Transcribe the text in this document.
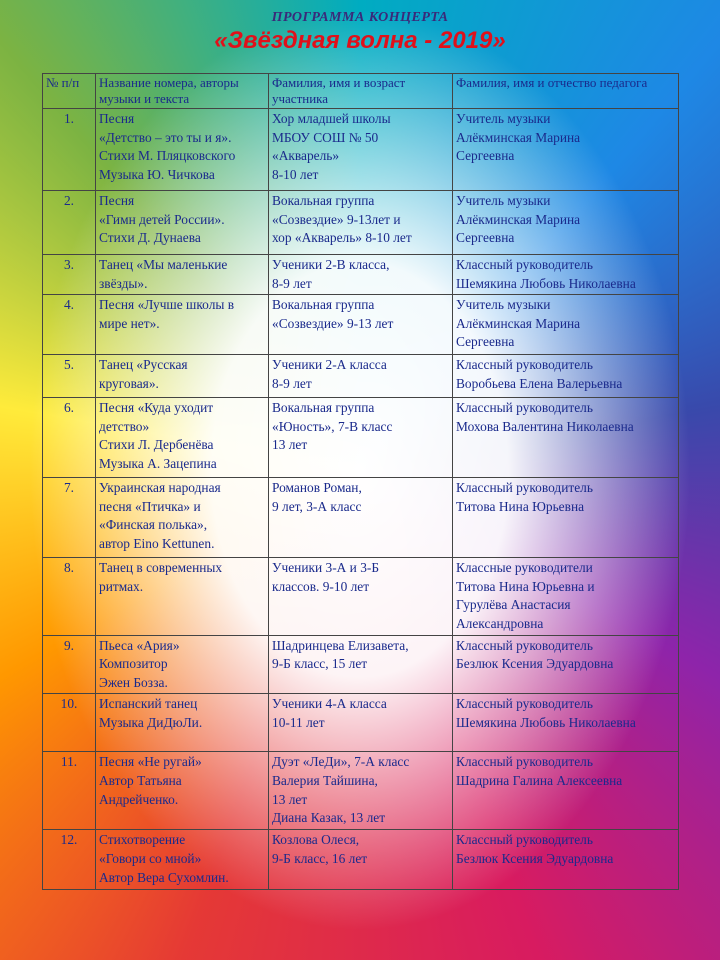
ПРОГРАММА КОНЦЕРТА
«Звёздная волна - 2019»
№ п/п	Название номера, авторы музыки и текста	Фамилия, имя и возраст участника	Фамилия, имя и отчество педагога
1.	Песня
«Детство – это ты и я».
Стихи М. Пляцковского
Музыка Ю. Чичкова	Хор младшей школы
МБОУ СОШ № 50
«Акварель»
8-10 лет	Учитель музыки
Алёкминская Марина
Сергеевна

2.	Песня
«Гимн детей России».
Стихи Д. Дунаева	Вокальная группа
«Созвездие» 9-13лет и
хор «Акварель» 8-10 лет	Учитель музыки
Алёкминская Марина
Сергеевна

3.	Танец «Мы маленькие
звёзды».	Ученики 2-В класса,
8-9 лет	Классный руководитель
Шемякина Любовь Николаевна

4.	Песня «Лучше школы в
мире нет».	Вокальная группа
«Созвездие» 9-13 лет	Учитель музыки
Алёкминская Марина
Сергеевна

5.	Танец «Русская
круговая».	Ученики 2-А класса
8-9 лет	Классный руководитель
Воробьева Елена Валерьевна

6.	Песня «Куда уходит
детство»
Стихи Л. Дербенёва
Музыка А. Зацепина	Вокальная группа
«Юность», 7-В класс
13 лет	Классный руководитель
Мохова Валентина Николаевна

7.	Украинская народная
песня «Птичка» и
«Финская полька»,
автор Eino Kettunen.	Романов Роман,
9 лет, 3-А класс	Классный руководитель
Титова Нина Юрьевна

8.	Танец в современных
ритмах.	Ученики 3-А и 3-Б
классов. 9-10 лет	Классные руководители
Титова Нина Юрьевна и
Гурулёва Анастасия
Александровна

9.	Пьеса «Ария»
Композитор
Эжен Бозза.	Шадринцева Елизавета,
9-Б класс, 15 лет	Классный руководитель
Безлюк Ксения Эдуардовна

10.	Испанский танец
Музыка ДиДюЛи.	Ученики 4-А класса
10-11 лет	Классный руководитель
Шемякина Любовь Николаевна

11.	Песня «Не ругай»
Автор Татьяна
Андрейченко.	Дуэт «ЛеДи», 7-А класс
Валерия Тайшина,
13 лет
Диана Казак, 13 лет	Классный руководитель
Шадрина Галина Алексеевна

12.	Стихотворение
«Говори со мной»
Автор Вера Сухомлин.	Козлова Олеся,
9-Б класс, 16 лет	Классный руководитель
Безлюк Ксения Эдуардовна
